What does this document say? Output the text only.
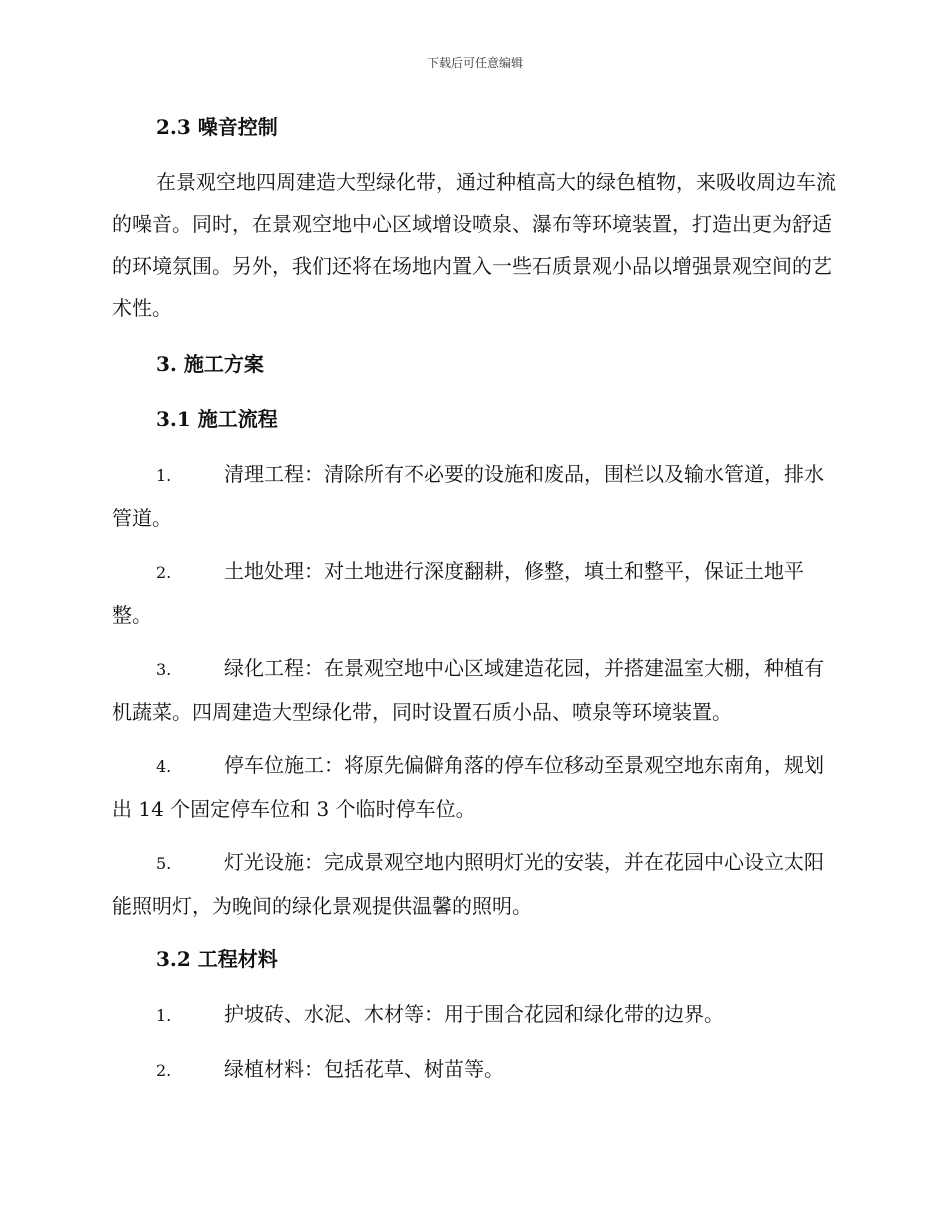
下载后可任意编辑
2.3 噪音控制
在景观空地四周建造大型绿化带，通过种植高大的绿色植物，来吸收周边车流的噪音。同时，在景观空地中心区域增设喷泉、瀑布等环境装置，打造出更为舒适的环境氛围。另外，我们还将在场地内置入一些石质景观小品以增强景观空间的艺术性。
3. 施工方案
3.1 施工流程
1.	清理工程：清除所有不必要的设施和废品，围栏以及输水管道，排水管道。
2.	土地处理：对土地进行深度翻耕，修整，填土和整平，保证土地平整。
3.	绿化工程：在景观空地中心区域建造花园，并搭建温室大棚，种植有机蔬菜。四周建造大型绿化带，同时设置石质小品、喷泉等环境装置。
4.	停车位施工：将原先偏僻角落的停车位移动至景观空地东南角，规划出 14 个固定停车位和 3 个临时停车位。
5.	灯光设施：完成景观空地内照明灯光的安装，并在花园中心设立太阳能照明灯，为晚间的绿化景观提供温馨的照明。
3.2 工程材料
1.	护坡砖、水泥、木材等：用于围合花园和绿化带的边界。
2.	绿植材料：包括花草、树苗等。
